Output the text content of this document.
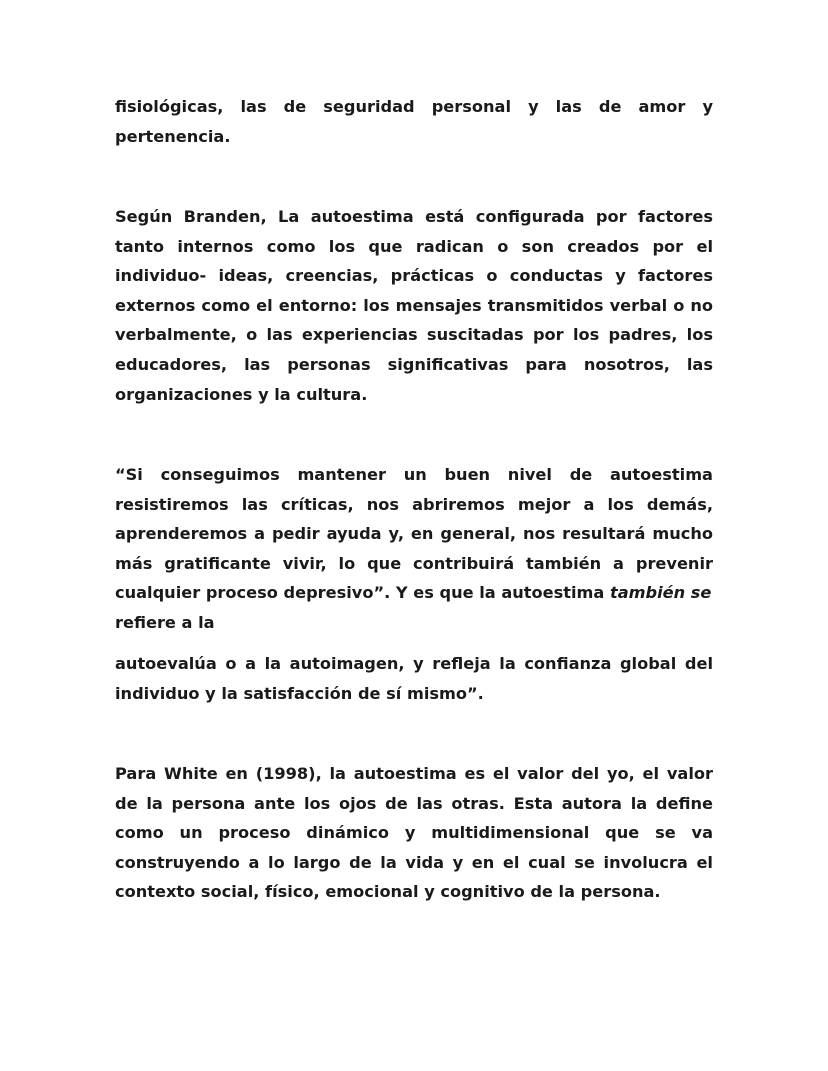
fisiológicas, las de seguridad personal y las de amor y pertenencia.

Según Branden, La autoestima está configurada por factores tanto internos como los que radican o son creados por el individuo- ideas, creencias, prácticas o conductas y factores externos como el entorno: los mensajes transmitidos verbal o no verbalmente, o las experiencias suscitadas por los padres, los educadores, las personas significativas para nosotros, las organizaciones y la cultura.

“Si conseguimos mantener un buen nivel de autoestima resistiremos las críticas, nos abriremos mejor a los demás, aprenderemos a pedir ayuda y, en general, nos resultará mucho más gratificante vivir, lo que contribuirá también a prevenir cualquier proceso depresivo”. Y es que la autoestima también se

refiere a la

autoevalúa o a la autoimagen, y refleja la confianza global del individuo y la satisfacción de sí mismo”.

Para White en (1998), la autoestima es el valor del yo, el valor de la persona ante los ojos de las otras. Esta autora la define como un proceso dinámico y multidimensional que se va construyendo a lo largo de la vida y en el cual se involucra el contexto social, físico, emocional y cognitivo de la persona.
